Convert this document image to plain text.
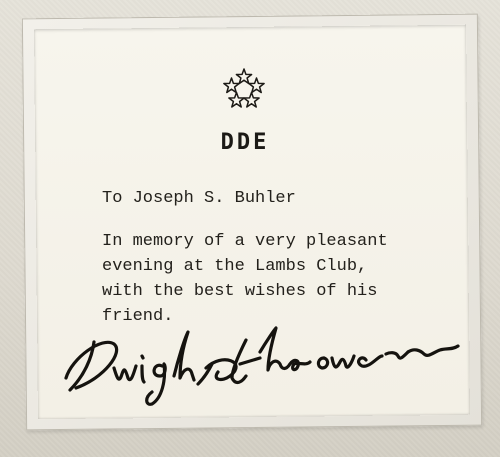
DDE
To Joseph S. Buhler
In memory of a very pleasant
evening at the Lambs Club,
with the best wishes of his
friend.
